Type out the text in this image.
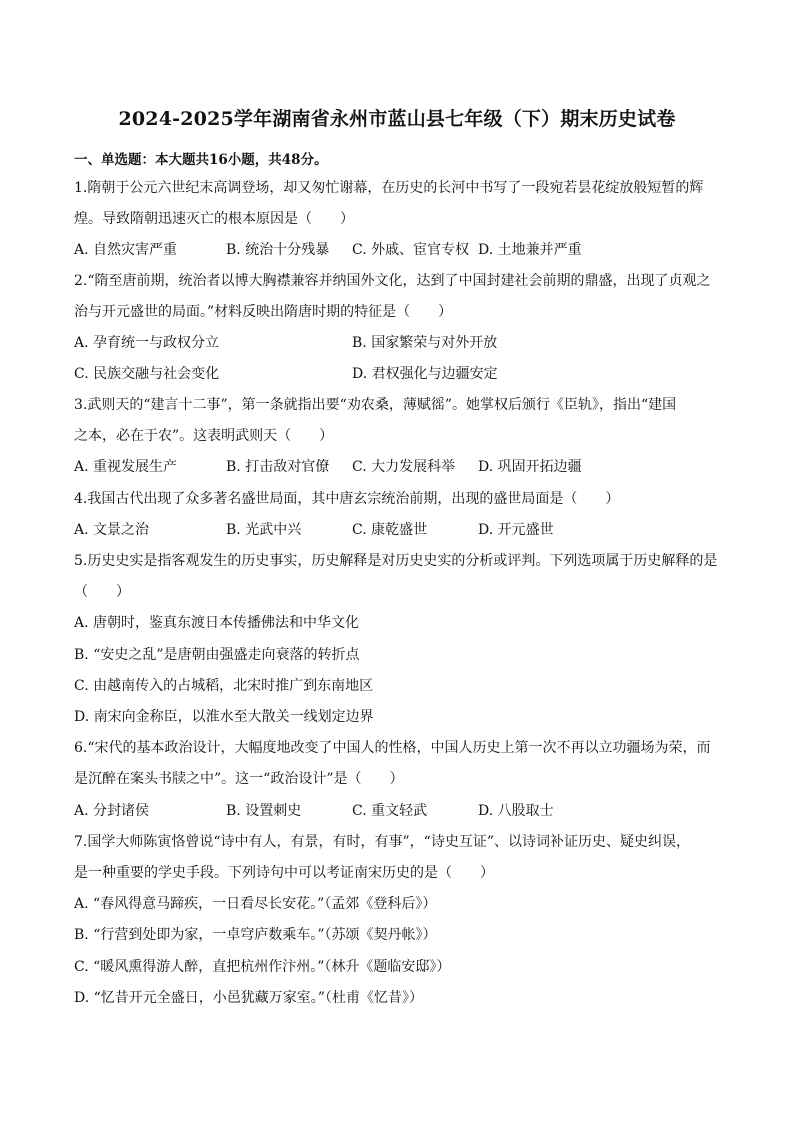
2024-2025学年湖南省永州市蓝山县七年级（下）期末历史试卷
一、单选题：本大题共16小题，共48分。
1.隋朝于公元六世纪末高调登场，却又匆忙谢幕，在历史的长河中书写了一段宛若昙花绽放般短暂的辉
煌。导致隋朝迅速灭亡的根本原因是（　　）
A. 自然灾害严重	B. 统治十分残暴 C. 外戚、宦官专权 D. 土地兼并严重
2.“隋至唐前期，统治者以博大胸襟兼容并纳国外文化，达到了中国封建社会前期的鼎盛，出现了贞观之
治与开元盛世的局面。”材料反映出隋唐时期的特征是（　　）
A. 孕育统一与政权分立	B. 国家繁荣与对外开放
C. 民族交融与社会变化	D. 君权强化与边疆安定
3.武则天的“建言十二事”，第一条就指出要“劝农桑，薄赋徭”。她掌权后颁行《臣轨》，指出“建国
之本，必在于农”。这表明武则天（　　）
A. 重视发展生产	B. 打击敌对官僚 C. 大力发展科举 D. 巩固开拓边疆
4.我国古代出现了众多著名盛世局面，其中唐玄宗统治前期，出现的盛世局面是（　　）
A. 文景之治	B. 光武中兴	C. 康乾盛世	D. 开元盛世
5.历史史实是指客观发生的历史事实，历史解释是对历史史实的分析或评判。下列选项属于历史解释的是
（　　）
A. 唐朝时，鉴真东渡日本传播佛法和中华文化
B. “安史之乱”是唐朝由强盛走向衰落的转折点
C. 由越南传入的占城稻，北宋时推广到东南地区
D. 南宋向金称臣，以淮水至大散关一线划定边界
6.“宋代的基本政治设计，大幅度地改变了中国人的性格，中国人历史上第一次不再以立功疆场为荣，而
是沉醉在案头书牍之中”。这一“政治设计”是（　　）
A. 分封诸侯	B. 设置刺史	C. 重文轻武	D. 八股取士
7.国学大师陈寅恪曾说“诗中有人，有景，有时，有事”，“诗史互证”、以诗词补证历史、疑史纠误，
是一种重要的学史手段。下列诗句中可以考证南宋历史的是（　　）
A. “春风得意马蹄疾，一日看尽长安花。”（孟郊《登科后》）
B. “行营到处即为家，一卓穹庐数乘车。”（苏颂《契丹帐》）
C. “暖风熏得游人醉，直把杭州作汴州。”（林升《题临安邸》）
D. “忆昔开元全盛日，小邑犹藏万家室。”（杜甫《忆昔》）
